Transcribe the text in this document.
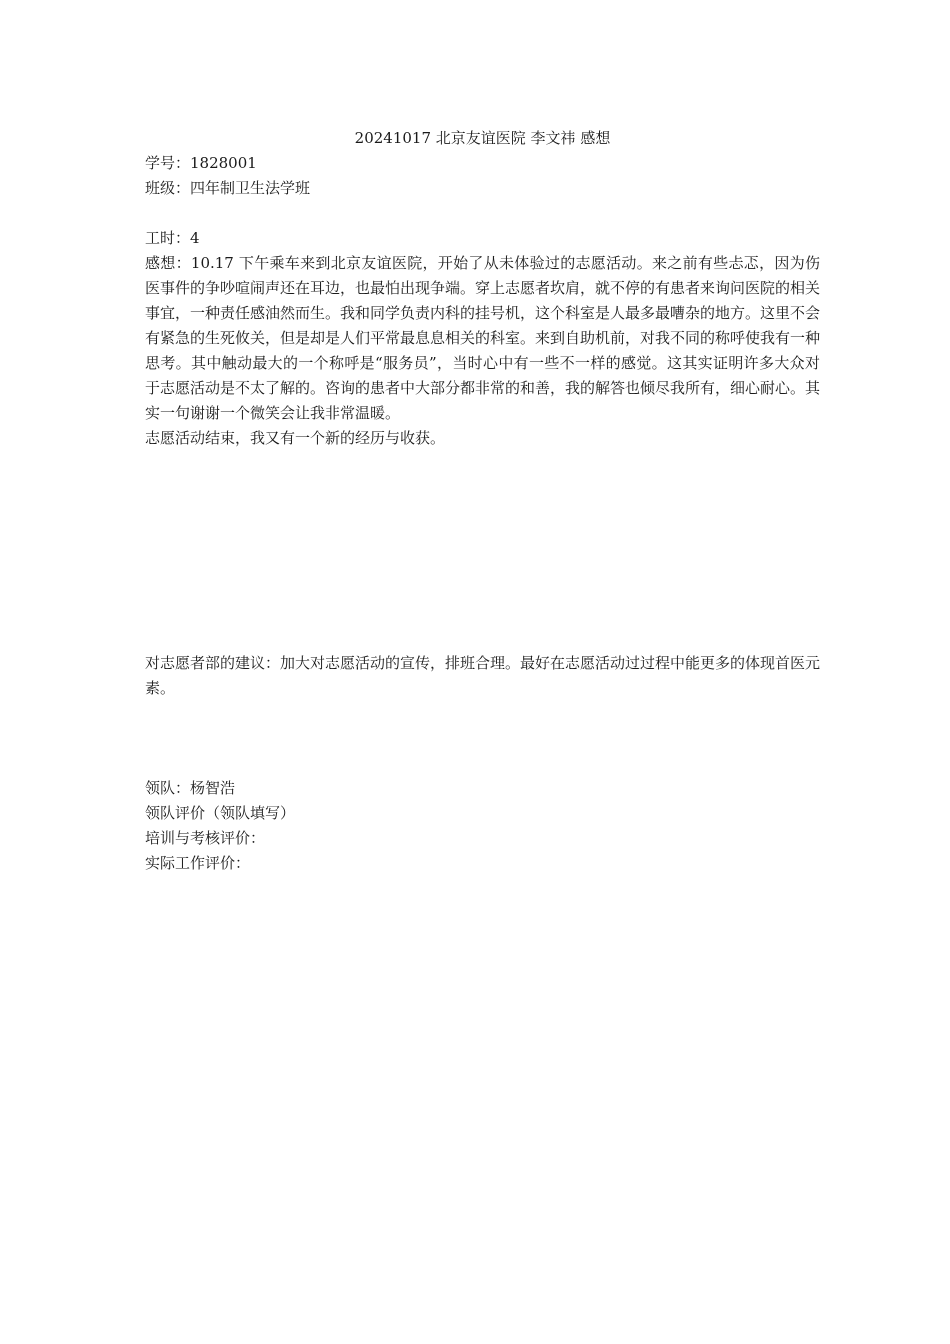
20241017 北京友谊医院 李文祎 感想

学号：1828001

班级：四年制卫生法学班

工时：4

感想：10.17 下午乘车来到北京友谊医院，开始了从未体验过的志愿活动。来之前有些忐忑，因为伤医事件的争吵喧闹声还在耳边，也最怕出现争端。穿上志愿者坎肩，就不停的有患者来询问医院的相关事宜，一种责任感油然而生。我和同学负责内科的挂号机，这个科室是人最多最嘈杂的地方。这里不会有紧急的生死攸关，但是却是人们平常最息息相关的科室。来到自助机前，对我不同的称呼使我有一种思考。其中触动最大的一个称呼是“服务员”，当时心中有一些不一样的感觉。这其实证明许多大众对于志愿活动是不太了解的。咨询的患者中大部分都非常的和善，我的解答也倾尽我所有，细心耐心。其实一句谢谢一个微笑会让我非常温暖。

志愿活动结束，我又有一个新的经历与收获。

对志愿者部的建议：加大对志愿活动的宣传，排班合理。最好在志愿活动过过程中能更多的体现首医元素。

领队：杨智浩

领队评价（领队填写）

培训与考核评价：

实际工作评价：
